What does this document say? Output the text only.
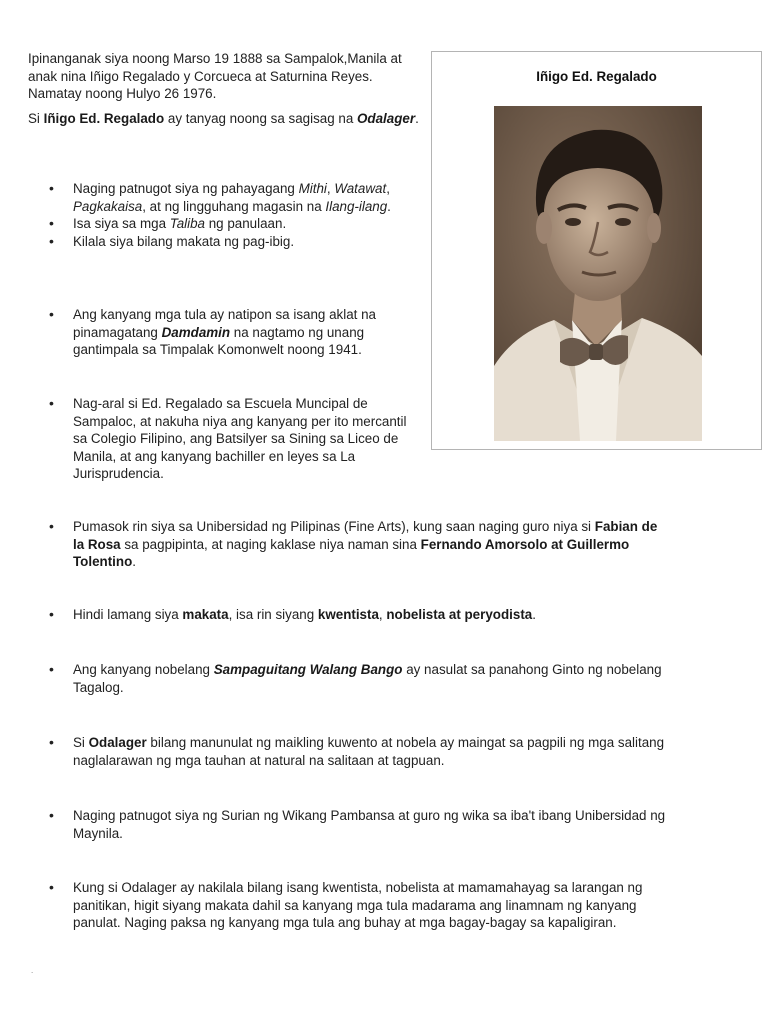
Ipinanganak siya noong Marso 19 1888 sa Sampalok,Manila at anak nina Iñigo Regalado y Corcueca at Saturnina Reyes. Namatay noong Hulyo 26 1976.

Si Iñigo Ed. Regalado ay tanyag noong sa sagisag na Odalager.

Iñigo Ed. Regalado
• Naging patnugot siya ng pahayagang Mithi, Watawat, Pagkakaisa, at ng lingguhang magasin na Ilang-ilang.
• Isa siya sa mga Taliba ng panulaan.
• Kilala siya bilang makata ng pag-ibig.
• Ang kanyang mga tula ay natipon sa isang aklat na pinamagatang Damdamin na nagtamo ng unang gantimpala sa Timpalak Komonwelt noong 1941.
• Nag-aral si Ed. Regalado sa Escuela Muncipal de Sampaloc, at nakuha niya ang kanyang per ito mercantil sa Colegio Filipino, ang Batsilyer sa Sining sa Liceo de Manila, at ang kanyang bachiller en leyes sa La Jurisprudencia.
• Pumasok rin siya sa Unibersidad ng Pilipinas (Fine Arts), kung saan naging guro niya si Fabian de la Rosa sa pagpipinta, at naging kaklase niya naman sina Fernando Amorsolo at Guillermo Tolentino.
• Hindi lamang siya makata, isa rin siyang kwentista, nobelista at peryodista.
• Ang kanyang nobelang Sampaguitang Walang Bango ay nasulat sa panahong Ginto ng nobelang Tagalog.
• Si Odalager bilang manunulat ng maikling kuwento at nobela ay maingat sa pagpili ng mga salitang naglalarawan ng mga tauhan at natural na salitaan at tagpuan.
• Naging patnugot siya ng Surian ng Wikang Pambansa at guro ng wika sa iba't ibang Unibersidad ng Maynila.
• Kung si Odalager ay nakilala bilang isang kwentista, nobelista at mamamahayag sa larangan ng panitikan, higit siyang makata dahil sa kanyang mga tula madarama ang linamnam ng kanyang panulat. Naging paksa ng kanyang mga tula ang buhay at mga bagay-bagay sa kapaligiran.
.
